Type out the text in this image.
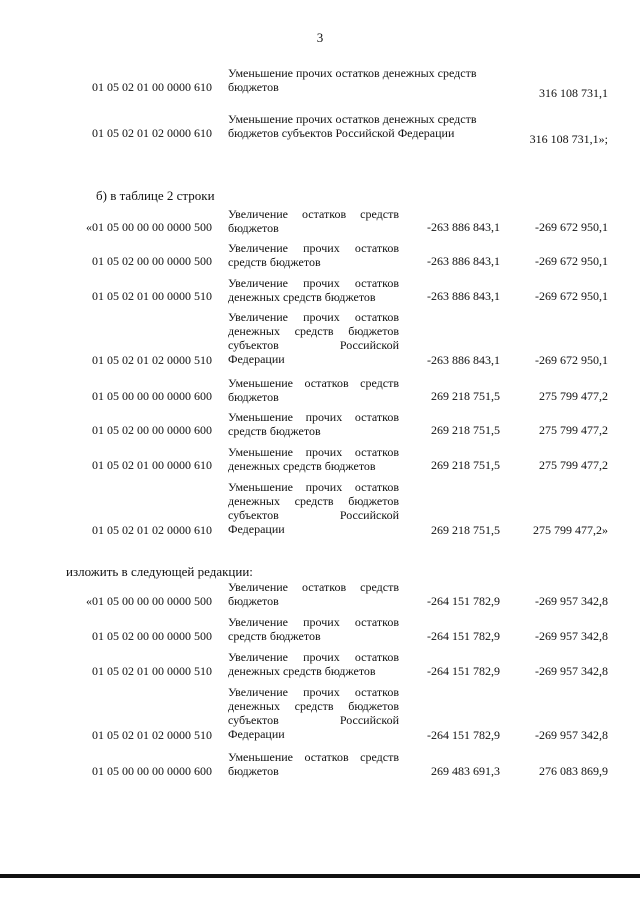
3
01 05 02 01 00 0000 610
Уменьшение прочих остатков денежных средств
бюджетов	316 108 731,1
01 05 02 01 02 0000 610
Уменьшение прочих остатков денежных средств
бюджетов субъектов Российской Федерации	316 108 731,1»;
б) в таблице 2 строки
«01 05 00 00 00 0000 500
Увеличение остатков средств
бюджетов	-263 886 843,1	-269 672 950,1
01 05 02 00 00 0000 500
Увеличение прочих остатков
средств бюджетов	-263 886 843,1	-269 672 950,1
01 05 02 01 00 0000 510
Увеличение прочих остатков
денежных средств бюджетов	-263 886 843,1	-269 672 950,1
01 05 02 01 02 0000 510
Увеличение прочих остатков
денежных средств бюджетов
субъектов Российской
Федерации	-263 886 843,1	-269 672 950,1
01 05 00 00 00 0000 600
Уменьшение остатков средств
бюджетов	269 218 751,5	275 799 477,2
01 05 02 00 00 0000 600
Уменьшение прочих остатков
средств бюджетов	269 218 751,5	275 799 477,2
01 05 02 01 00 0000 610
Уменьшение прочих остатков
денежных средств бюджетов	269 218 751,5	275 799 477,2
01 05 02 01 02 0000 610
Уменьшение прочих остатков
денежных средств бюджетов
субъектов Российской
Федерации	269 218 751,5	275 799 477,2»
изложить в следующей редакции:
«01 05 00 00 00 0000 500
Увеличение остатков средств
бюджетов	-264 151 782,9	-269 957 342,8
01 05 02 00 00 0000 500
Увеличение прочих остатков
средств бюджетов	-264 151 782,9	-269 957 342,8
01 05 02 01 00 0000 510
Увеличение прочих остатков
денежных средств бюджетов	-264 151 782,9	-269 957 342,8
01 05 02 01 02 0000 510
Увеличение прочих остатков
денежных средств бюджетов
субъектов Российской
Федерации	-264 151 782,9	-269 957 342,8
01 05 00 00 00 0000 600
Уменьшение остатков средств
бюджетов	269 483 691,3	276 083 869,9
